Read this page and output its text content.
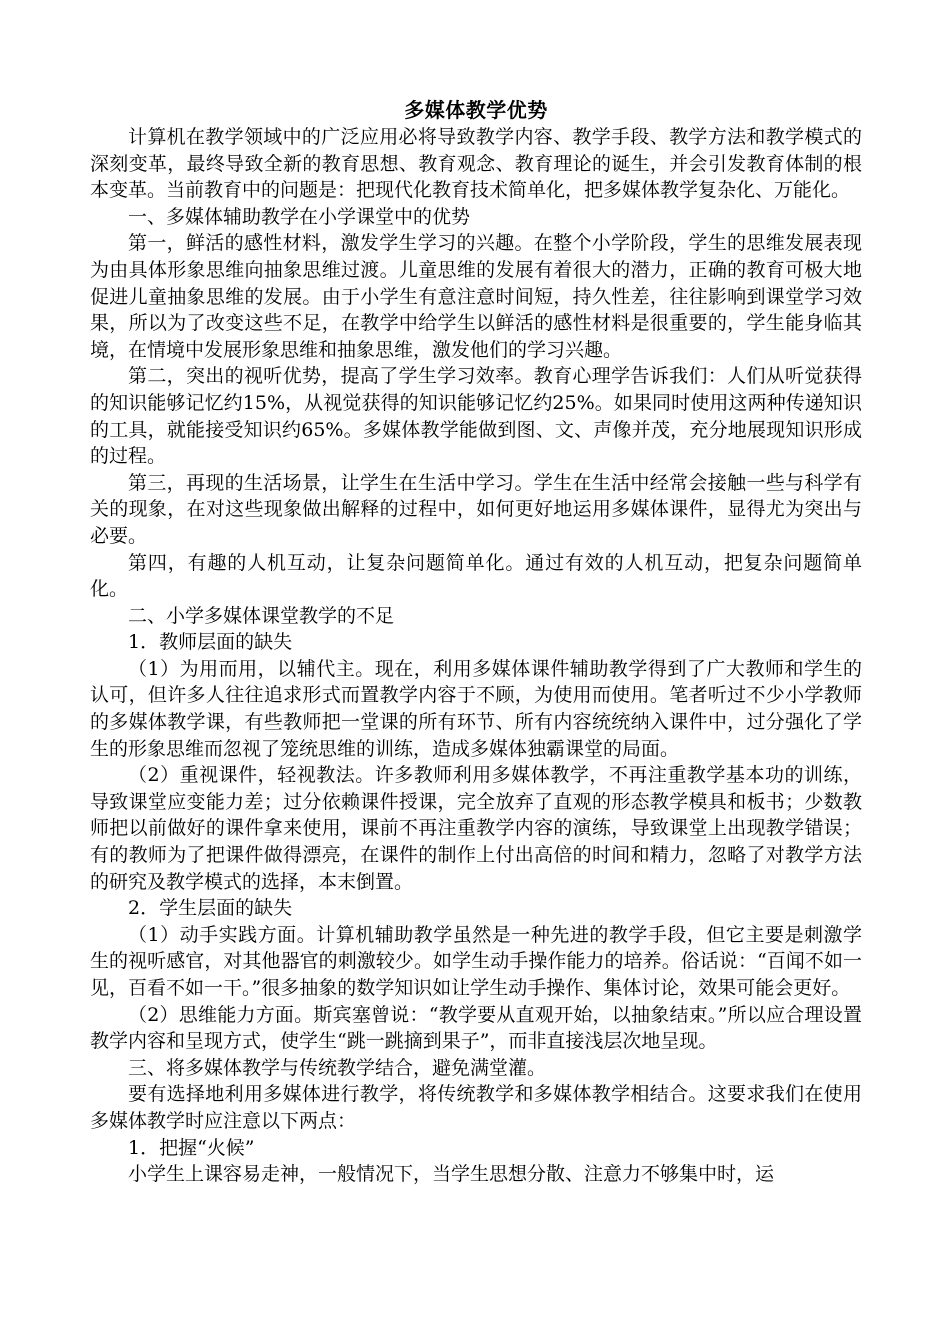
多媒体教学优势

计算机在教学领域中的广泛应用必将导致教学内容、教学手段、教学方法和教学模式的深刻变革，最终导致全新的教育思想、教育观念、教育理论的诞生，并会引发教育体制的根本变革。当前教育中的问题是：把现代化教育技术简单化，把多媒体教学复杂化、万能化。

一、多媒体辅助教学在小学课堂中的优势

第一，鲜活的感性材料，激发学生学习的兴趣。在整个小学阶段，学生的思维发展表现为由具体形象思维向抽象思维过渡。儿童思维的发展有着很大的潜力，正确的教育可极大地促进儿童抽象思维的发展。由于小学生有意注意时间短，持久性差，往往影响到课堂学习效果，所以为了改变这些不足，在教学中给学生以鲜活的感性材料是很重要的，学生能身临其境，在情境中发展形象思维和抽象思维，激发他们的学习兴趣。

第二，突出的视听优势，提高了学生学习效率。教育心理学告诉我们：人们从听觉获得的知识能够记忆约15%，从视觉获得的知识能够记忆约25%。如果同时使用这两种传递知识的工具，就能接受知识约65%。多媒体教学能做到图、文、声像并茂，充分地展现知识形成的过程。

第三，再现的生活场景，让学生在生活中学习。学生在生活中经常会接触一些与科学有关的现象，在对这些现象做出解释的过程中，如何更好地运用多媒体课件，显得尤为突出与必要。

第四，有趣的人机互动，让复杂问题简单化。通过有效的人机互动，把复杂问题简单化。

二、小学多媒体课堂教学的不足

1．教师层面的缺失

（1）为用而用，以辅代主。现在，利用多媒体课件辅助教学得到了广大教师和学生的认可，但许多人往往追求形式而置教学内容于不顾，为使用而使用。笔者听过不少小学教师的多媒体教学课，有些教师把一堂课的所有环节、所有内容统统纳入课件中，过分强化了学生的形象思维而忽视了笼统思维的训练，造成多媒体独霸课堂的局面。

（2）重视课件，轻视教法。许多教师利用多媒体教学，不再注重教学基本功的训练，导致课堂应变能力差；过分依赖课件授课，完全放弃了直观的形态教学模具和板书；少数教师把以前做好的课件拿来使用，课前不再注重教学内容的演练，导致课堂上出现教学错误；有的教师为了把课件做得漂亮，在课件的制作上付出高倍的时间和精力，忽略了对教学方法的研究及教学模式的选择，本末倒置。

2．学生层面的缺失

（1）动手实践方面。计算机辅助教学虽然是一种先进的教学手段，但它主要是刺激学生的视听感官，对其他器官的刺激较少。如学生动手操作能力的培养。俗话说：“百闻不如一见，百看不如一干。”很多抽象的数学知识如让学生动手操作、集体讨论，效果可能会更好。

（2）思维能力方面。斯宾塞曾说：“教学要从直观开始，以抽象结束。”所以应合理设置教学内容和呈现方式，使学生“跳一跳摘到果子”，而非直接浅层次地呈现。

三、将多媒体教学与传统教学结合，避免满堂灌。

要有选择地利用多媒体进行教学，将传统教学和多媒体教学相结合。这要求我们在使用多媒体教学时应注意以下两点：

1．把握“火候”

小学生上课容易走神，一般情况下，当学生思想分散、注意力不够集中时，运
